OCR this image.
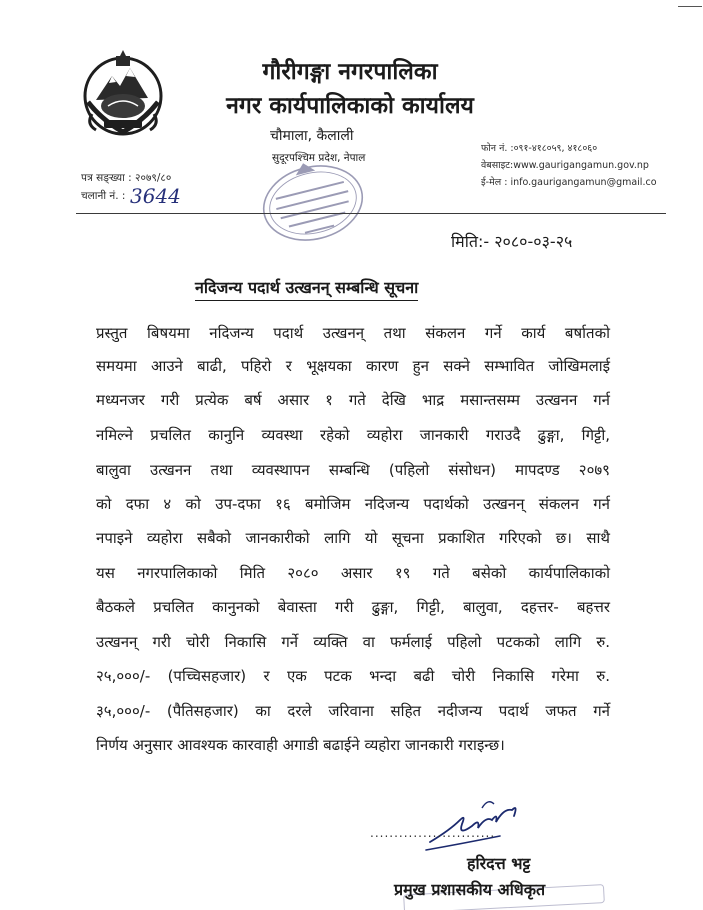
गौरीगङ्गा नगरपालिका
नगर कार्यपालिकाको कार्यालय
चौमाला, कैलाली
सुदूरपश्चिम प्रदेश, नेपाल
फोन नं. :०९१-४१८०५९, ४१८०६०
वेबसाइट:www.gaurigangamun.gov.np
ई-मेल : info.gaurigangamun@gmail.co
पत्र सङ्ख्या : २०७९/८०
चलानी नं. : 3644
मिति:- २०८०-०३-२५
नदिजन्य पदार्थ उत्खनन् सम्बन्धि सूचना
प्रस्तुत बिषयमा नदिजन्य पदार्थ उत्खनन् तथा संकलन गर्ने कार्य बर्षातको
समयमा आउने बाढी, पहिरो र भूक्षयका कारण हुन सक्ने सम्भावित जोखिमलाई
मध्यनजर गरी प्रत्येक बर्ष असार १ गते देखि भाद्र मसान्तसम्म उत्खनन गर्न
नमिल्ने प्रचलित कानुनि व्यवस्था रहेको व्यहोरा जानकारी गराउदै ढुङ्गा, गिट्टी,
बालुवा उत्खनन तथा व्यवस्थापन सम्बन्धि (पहिलो संसोधन) मापदण्ड २०७९
को दफा ४ को उप-दफा १६ बमोजिम नदिजन्य पदार्थको उत्खनन् संकलन गर्न
नपाइने व्यहोरा सबैको जानकारीको लागि यो सूचना प्रकाशित गरिएको छ। साथै
यस नगरपालिकाको मिति २०८० असार १९ गते बसेको कार्यपालिकाको
बैठकले प्रचलित कानुनको बेवास्ता गरी ढुङ्गा, गिट्टी, बालुवा, दहत्तर- बहत्तर
उत्खनन् गरी चोरी निकासि गर्ने व्यक्ति वा फर्मलाई पहिलो पटकको लागि रु.
२५,०००/- (पच्चिसहजार) र एक पटक भन्दा बढी चोरी निकासि गरेमा रु.
३५,०००/- (पैतिसहजार) का दरले जरिवाना सहित नदीजन्य पदार्थ जफत गर्ने
निर्णय अनुसार आवश्यक कारवाही अगाडी बढाईने व्यहोरा जानकारी गराइन्छ।
..........................
हरिदत्त भट्ट
प्रमुख प्रशासकीय अधिकृत
